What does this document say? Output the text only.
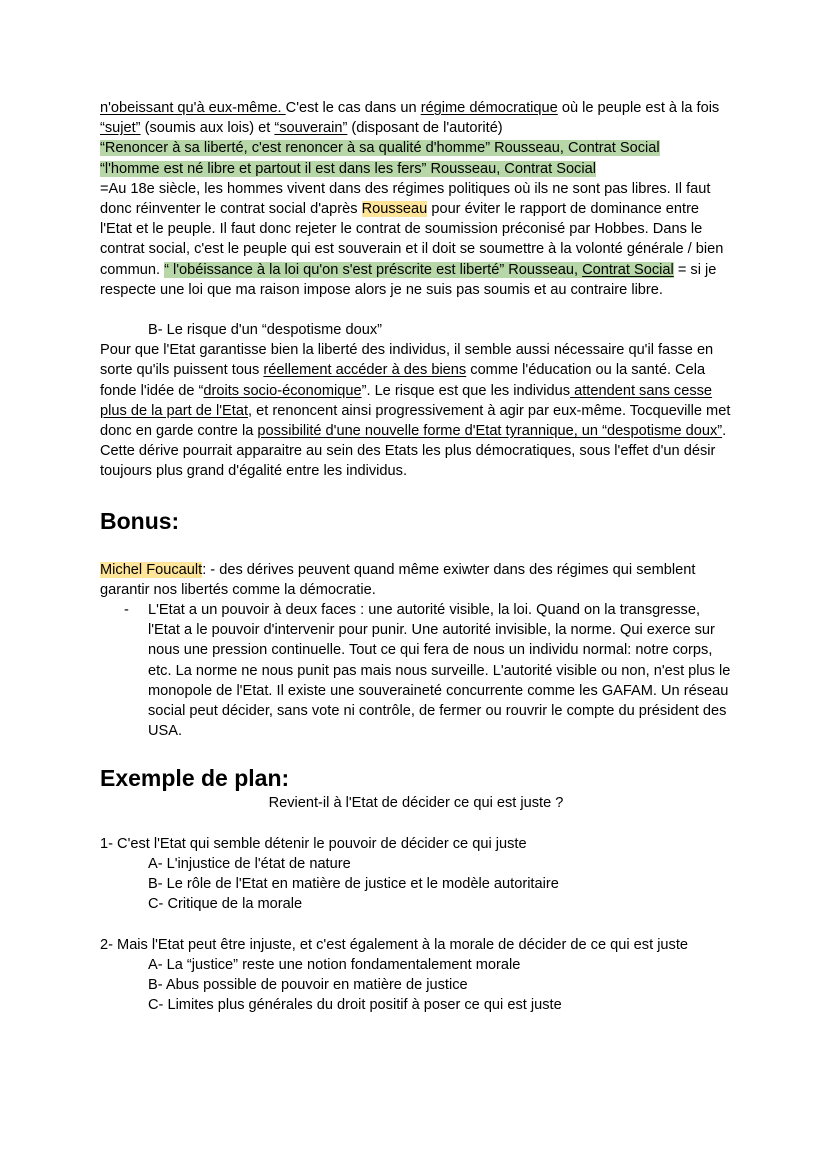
n'obeissant qu'à eux-même. C'est le cas dans un régime démocratique où le peuple est à la fois “sujet” (soumis aux lois) et “souverain” (disposant de l'autorité)

“Renoncer à sa liberté, c'est renoncer à sa qualité d'homme” Rousseau, Contrat Social

“l'homme est né libre et partout il est dans les fers” Rousseau, Contrat Social

=Au 18e siècle, les hommes vivent dans des régimes politiques où ils ne sont pas libres. Il faut donc réinventer le contrat social d'après Rousseau pour éviter le rapport de dominance entre l'Etat et le peuple. Il faut donc rejeter le contrat de soumission préconisé par Hobbes. Dans le contrat social, c'est le peuple qui est souverain et il doit se soumettre à la volonté générale / bien commun. “ l'obéissance à la loi qu'on s'est préscrite est liberté” Rousseau, Contrat Social = si je respecte une loi que ma raison impose alors je ne suis pas soumis et au contraire libre.

B- Le risque d'un “despotisme doux”

Pour que l'Etat garantisse bien la liberté des individus, il semble aussi nécessaire qu'il fasse en sorte qu'ils puissent tous réellement accéder à des biens comme l'éducation ou la santé. Cela fonde l'idée de “droits socio-économique”. Le risque est que les individus attendent sans cesse plus de la part de l'Etat, et renoncent ainsi progressivement à agir par eux-même. Tocqueville met donc en garde contre la possibilité d'une nouvelle forme d'Etat tyrannique, un “despotisme doux”. Cette dérive pourrait apparaitre au sein des Etats les plus démocratiques, sous l'effet d'un désir toujours plus grand d'égalité entre les individus.

Bonus:

Michel Foucault: - des dérives peuvent quand même exiwter dans des régimes qui semblent garantir nos libertés comme la démocratie.

- L'Etat a un pouvoir à deux faces : une autorité visible, la loi. Quand on la transgresse, l'Etat a le pouvoir d'intervenir pour punir. Une autorité invisible, la norme. Qui exerce sur nous une pression continuelle. Tout ce qui fera de nous un individu normal: notre corps, etc. La norme ne nous punit pas mais nous surveille. L'autorité visible ou non, n'est plus le monopole de l'Etat. Il existe une souveraineté concurrente comme les GAFAM. Un réseau social peut décider, sans vote ni contrôle, de fermer ou rouvrir le compte du président des USA.
Exemple de plan:

Revient-il à l'Etat de décider ce qui est juste ?

1- C'est l'Etat qui semble détenir le pouvoir de décider ce qui juste

A- L'injustice de l'état de nature

B- Le rôle de l'Etat en matière de justice et le modèle autoritaire

C- Critique de la morale

2- Mais l'Etat peut être injuste, et c'est également à la morale de décider de ce qui est juste

A- La “justice” reste une notion fondamentalement morale

B- Abus possible de pouvoir en matière de justice

C- Limites plus générales du droit positif à poser ce qui est juste
